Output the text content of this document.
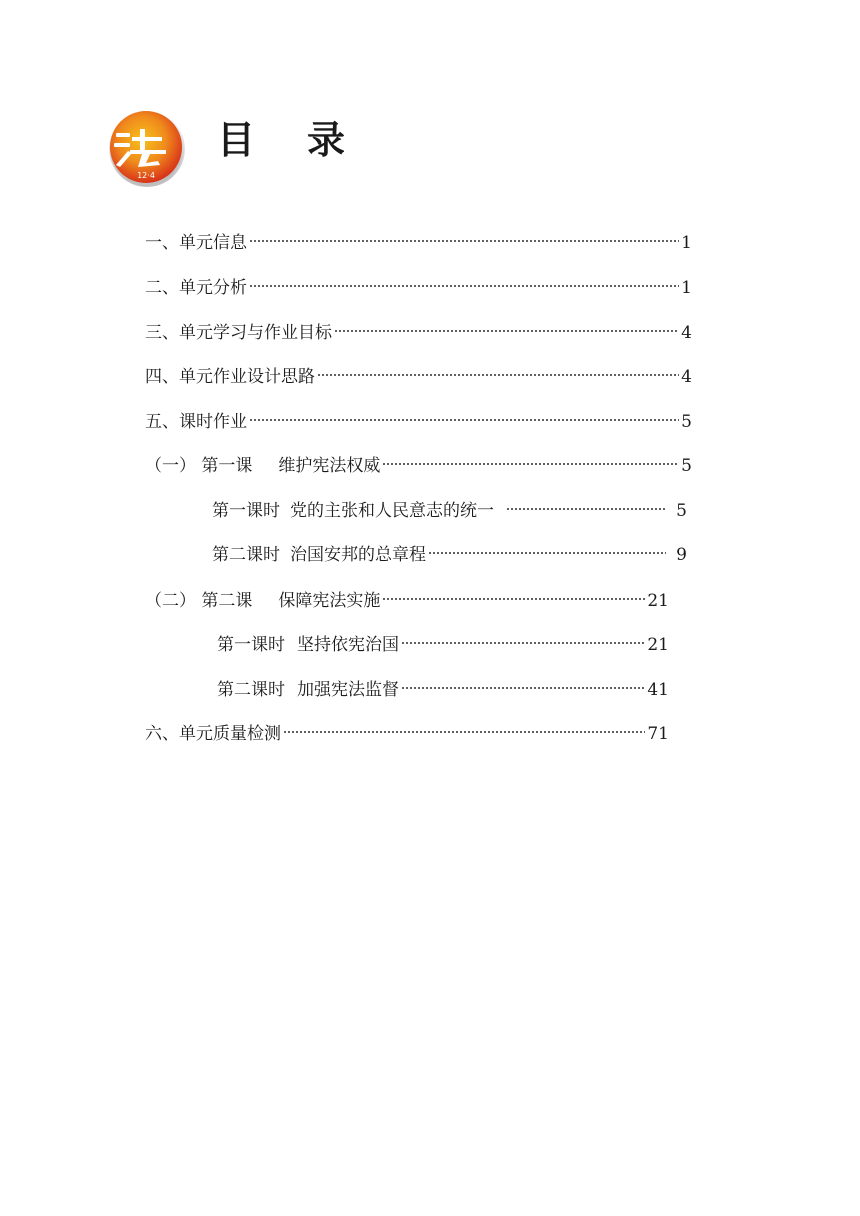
12·4
目录
一、单元信息	1
二、单元分析	1
三、单元学习与作业目标	4
四、单元作业设计思路	4
五、课时作业	5
（一） 第一课 维护宪法权威	5
第一课时 党的主张和人民意志的统一	5
第二课时 治国安邦的总章程	9
（二） 第二课 保障宪法实施	21
第一课时 坚持依宪治国	21
第二课时 加强宪法监督	41
六、单元质量检测	71
